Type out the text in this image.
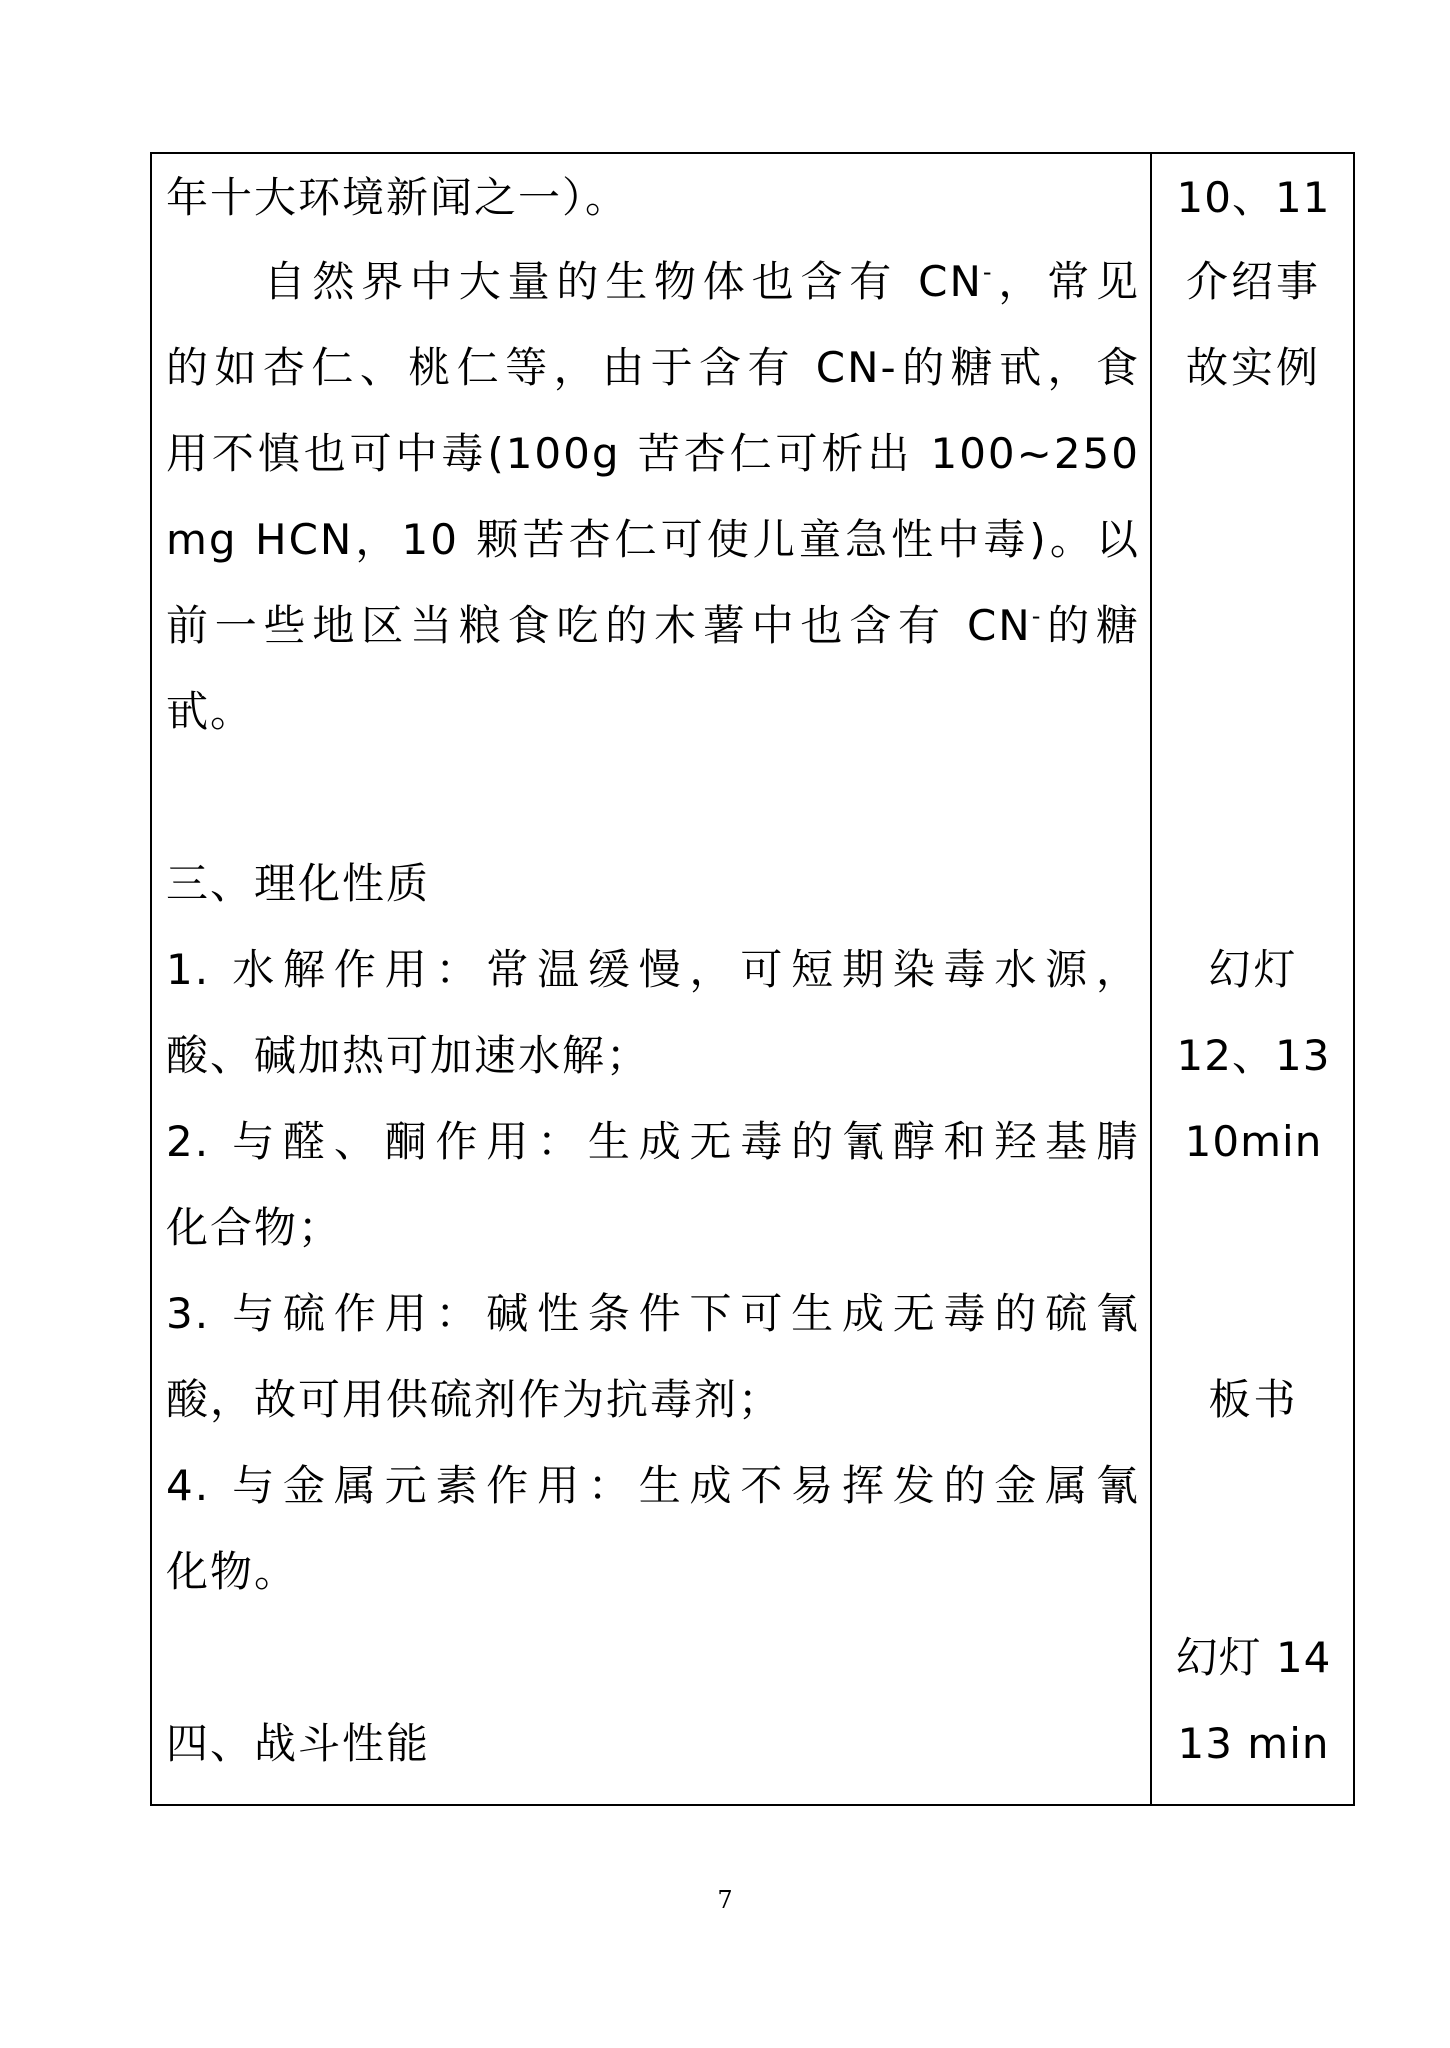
年十大环境新闻之一）。
　　自然界中大量的生物体也含有 CN-，常见
的如杏仁、桃仁等，由于含有 CN-的糖甙，食
用不慎也可中毒(100g 苦杏仁可析出 100~250
mg HCN，10 颗苦杏仁可使儿童急性中毒)。以
前一些地区当粮食吃的木薯中也含有 CN-的糖
甙。
三、理化性质
1. 水解作用：常温缓慢，可短期染毒水源，
酸、碱加热可加速水解；
2. 与醛、酮作用：生成无毒的氰醇和羟基腈
化合物；
3. 与硫作用：碱性条件下可生成无毒的硫氰
酸，故可用供硫剂作为抗毒剂；
4. 与金属元素作用：生成不易挥发的金属氰
化物。
四、战斗性能
10、11
介绍事
故实例
幻灯
12、13
10min
板书
幻灯 14
13 min
7
